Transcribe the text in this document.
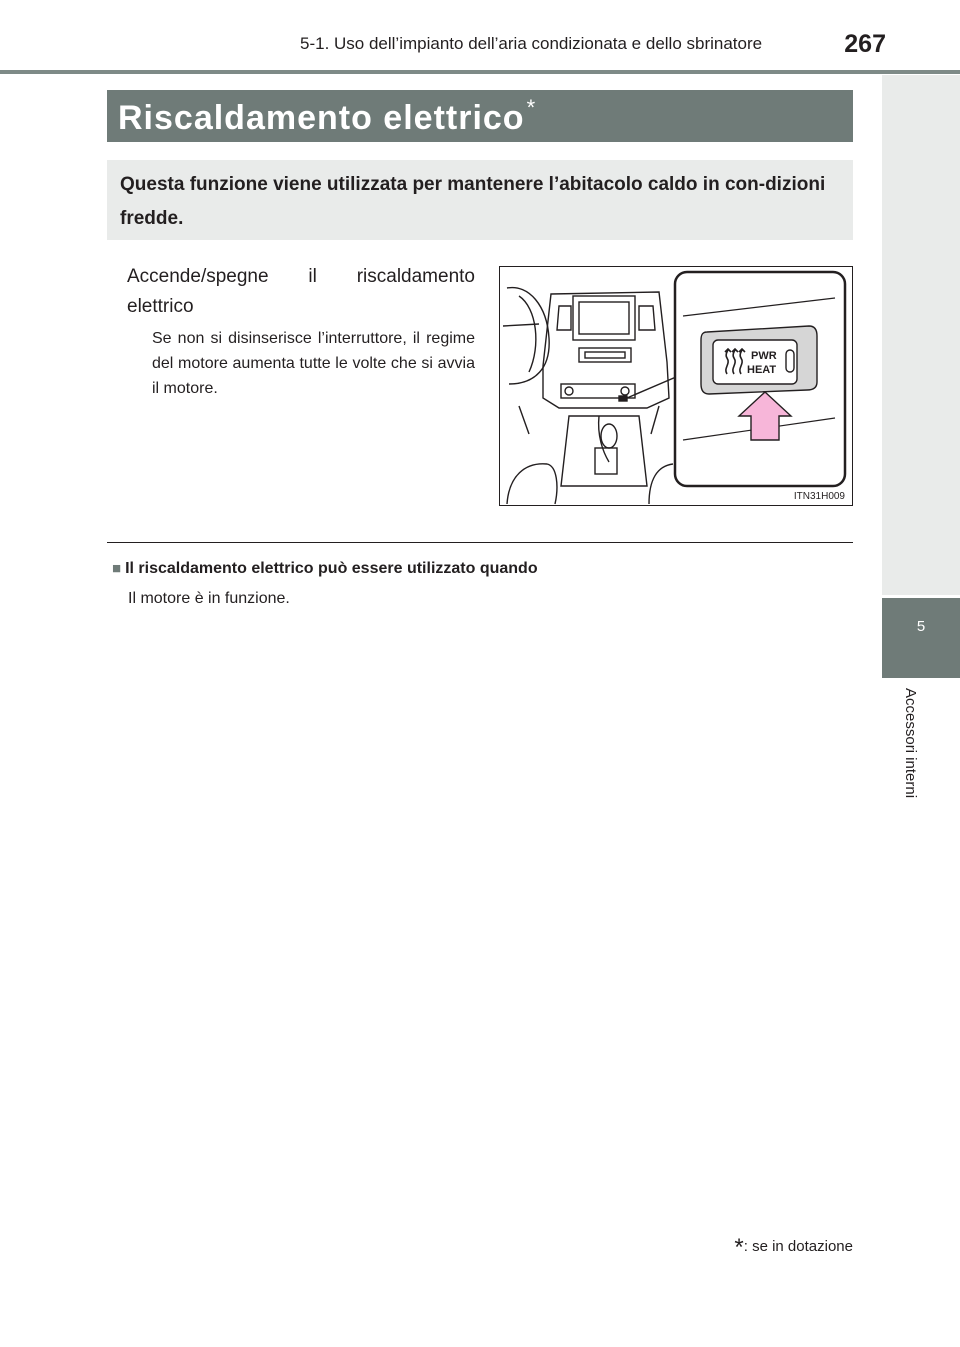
5-1. Uso dell’impianto dell’aria condizionata e dello sbrinatore	267
5
Accessori interni
Riscaldamento elettrico*
Questa funzione viene utilizzata per mantenere l’abitacolo caldo in con-dizioni fredde.
Accende/spegne il riscaldamento elettrico
Se non si disinserisce l’interruttore, il regime del motore aumenta tutte le volte che si avvia il motore.
PWR
HEAT
ITN31H009
■ Il riscaldamento elettrico può essere utilizzato quando
Il motore è in funzione.
*: se in dotazione
